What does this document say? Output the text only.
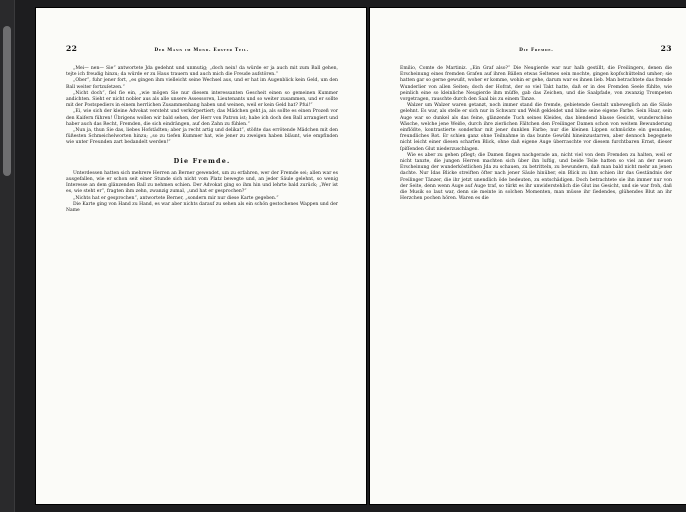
22	Der Mann im Mond. Erster Teil.

„Mei— nen— Sie“ antwortete Jda gedehnt und unmutig; „doch nein! da würde er ja auch mit zum Ball gehen, tejte ich freudig hinzu; da würde er zu Haus trauern und auch mich die Freude aufstören.“

„Ober“, fuhr jener fort, „es gingen ihm vielleicht seine Wechsel aus, und er hat im Augenblick kein Geld, um den Ball weiter fortzuſetzen.“

„Nicht doch“, fiel fie ein, „wie mögen Sie nur diesem interessanten Gescheit einen so gemeinen Kummer andichten. Sieht er nicht nobler aus als alle unsere Assessoren, Lieutenants und so weiter zusammen, und er sollte mit der Postspediers in einem herrlichen Zusammenhang haben und weinen, weil er kein Geld hat? Pfui!“

„Ei, wie sich der kleine Advokat versteht und verkörpertiert; das Mädchen geht ja, als sollte es einen Prozeß vor den Kaifern führen! Übrigens wollen wir bald sehen, der Herr von Patron ist; habe ich doch den Ball arrangiert und haber auch das Recht, Fremden, die sich eindrängen, auf den Zahn zu fühlen.“

„Nun ja, thun Sie das, liebes Hofstädten; aber ja recht artig und delikat“, stößte das errötende Mädchen mit den füßesten Schmeichelworten hinzu; „so zu tiefen Kummer hat, wie jener zu zweigen haben bläunt, wie empfinden wie unter Freunden zart bedandelt werden!“

Die Fremde.

Unterdessen hatten sich mehrere Herren an Berner gewendet, um zu erfahren, wer der Fremde sei; allen war es ausgefallen, wie er schon seit einer Stunde sich nicht vom Platz bewegte und, an jeder Säule gelehnt, so wenig Interesse an dem glänzenden Ball zu nehmen schien. Der Advokat ging so ihm hin und lehrte bald zurück; „Wer ist es, wie steht er“, fragten ihm zehn, zwanzig zumal, „und hat er gesprochen?“

„Nichts hat er gesprochen“, antwortete Berner, „sondern mir nur diese Karte gegeben.“

Die Karte ging von Hand zu Hand, es war aber nichts darauf zu sehen als ein schön gestochenes Wappen und der Name

Die Fremde.	23

Emilio, Comte de Martiniz. „Ein Graf also?“ Die Neugierde war nur halb gestillt, die Freilingers, denen die Erscheinung eines fremden Grafen auf ihren Bällen etwas Seltenes sein mochte, gingen kopfschüttelnd umher; sie hatten gar so gerne gewußt, woher er komme, wohin er gehe, darum war es ihnen lieb. Man betrachtete das fremde Wunderlier von allen Seiten; doch der Hofrat, der so viel Takt hatte, daß er in des Fremden Seele fühlte, wie peinlich eine so kleinliche Neugierde ihm müffe, gab das Zeichen, und die Saalpfade, von zwanzig Trompeten vorgetragen, rauschte durch den Saal bis zu einem Tanze.

Walzer um Walzer waren getanzt, noch immer stand die fremde, gebietende Gestalt unbeweglich an die Säule gelehnt. Es war, als stelle er sich nur in Schwarz und Weiß gekleidet und bilne seine eigene Farbe. Sein Haar, sein Auge war so dunkel als das feine, glänzende Tuch seines Kleides, das blendend blasse Gesicht, wunderschöne Wäsche, welche jene Weiße, durch ihre zierlichen Fältchen den Freilinger Damen schon von weitem Bewunderung einflößte, kontrastierte sonderbar mit jener dunklen Farbe; nur die kleinen Lippen schmückte ein gesundes, freundliches Rot. Er schien ganz ohne Teilnahme in das bunte Gewühl hineinzustarren, aber dennoch begegnete nicht leicht einer diesen scharfen Blick, ohne daß eigene Auge überraschte vor diesem furchtbaren Ernst, dieser ſpiſſenden Glut niederzuschlagen.

Wie es aber zu gehen pflegt; die Damen fingen nachgerade an, nicht viel von dem Fremden zu halten, weil er nicht tanzte, die jungen Herren machten sich über ihn luſtig, und beide Teile hatten so viel an der neuen Erscheinung der wunderköstlichen Jda zu schauen, zu betritteln, zu bewundern, daß man bald nicht mehr an jenen dachte. Nur Idas Blicke streiften öfter nach jener Säule hinüber, ein Blick zu ihm schien ihr das Geständnis der Freilinger Tänzer, die ihr jetzt unendlich öde bedeuten, zu entschädigen. Doch betrachtete sie ihn immer nur von der Seite, denn wenn Auge auf Auge traf, so türkt es ihr unwiderstehlich die Glut ins Gesicht, und sie war froh, daß die Musik so laut war, denn sie meinte in solchen Momenten, man müsse ihr ſiedendes, glühendes Blut an ihr Herzchen pochen hören. Waren es die
